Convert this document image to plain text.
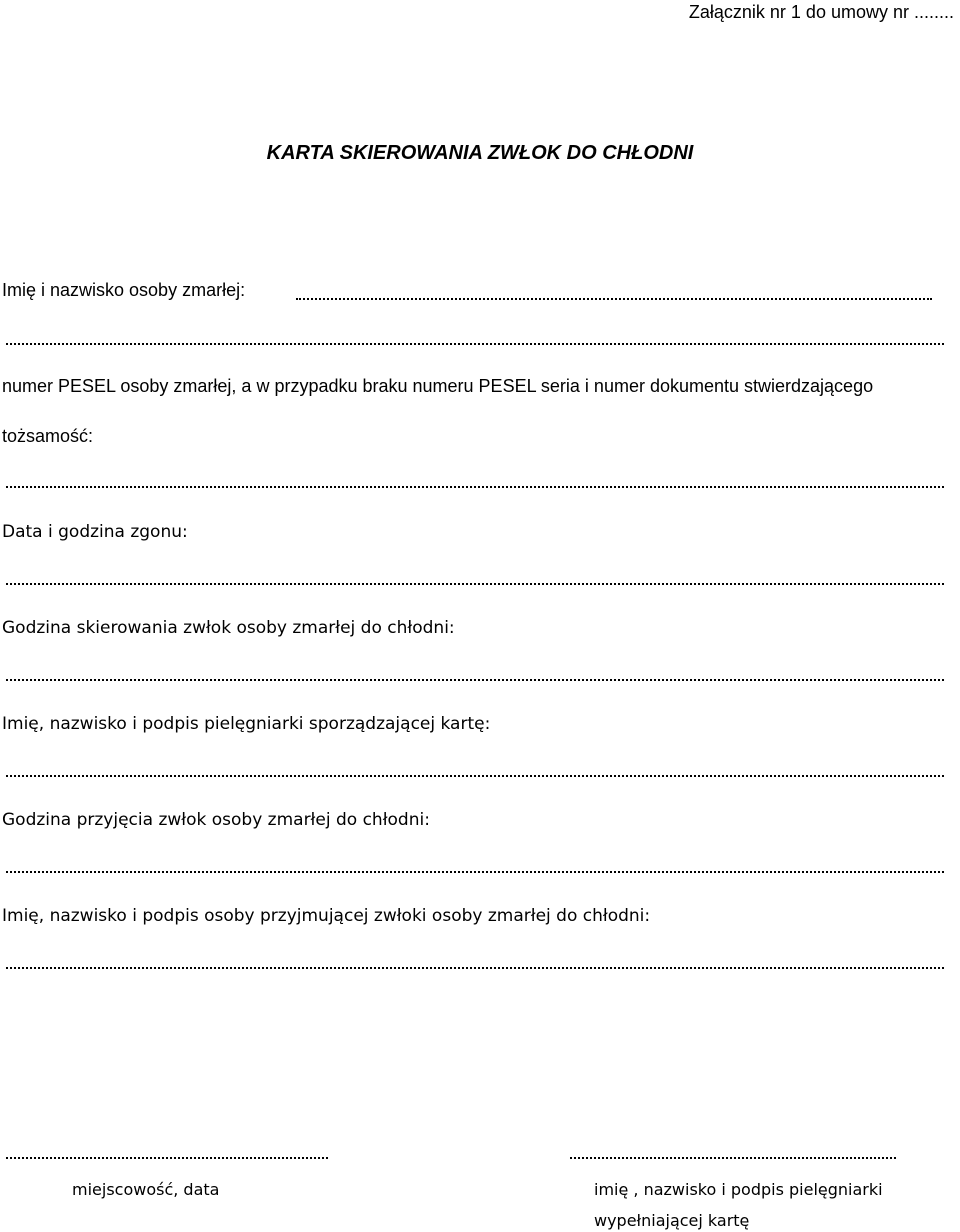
Załącznik nr 1 do umowy nr ........
KARTA SKIEROWANIA ZWŁOK DO CHŁODNI
Imię i nazwisko osoby zmarłej:
numer PESEL osoby zmarłej, a w przypadku braku numeru PESEL seria i numer dokumentu stwierdzającego
tożsamość:
Data i godzina zgonu:
Godzina skierowania zwłok osoby zmarłej do chłodni:
Imię, nazwisko i podpis pielęgniarki sporządzającej kartę:
Godzina przyjęcia zwłok osoby zmarłej do chłodni:
Imię, nazwisko i podpis osoby przyjmującej zwłoki osoby zmarłej do chłodni:
miejscowość, data	imię , nazwisko i podpis pielęgniarki
wypełniającej kartę
